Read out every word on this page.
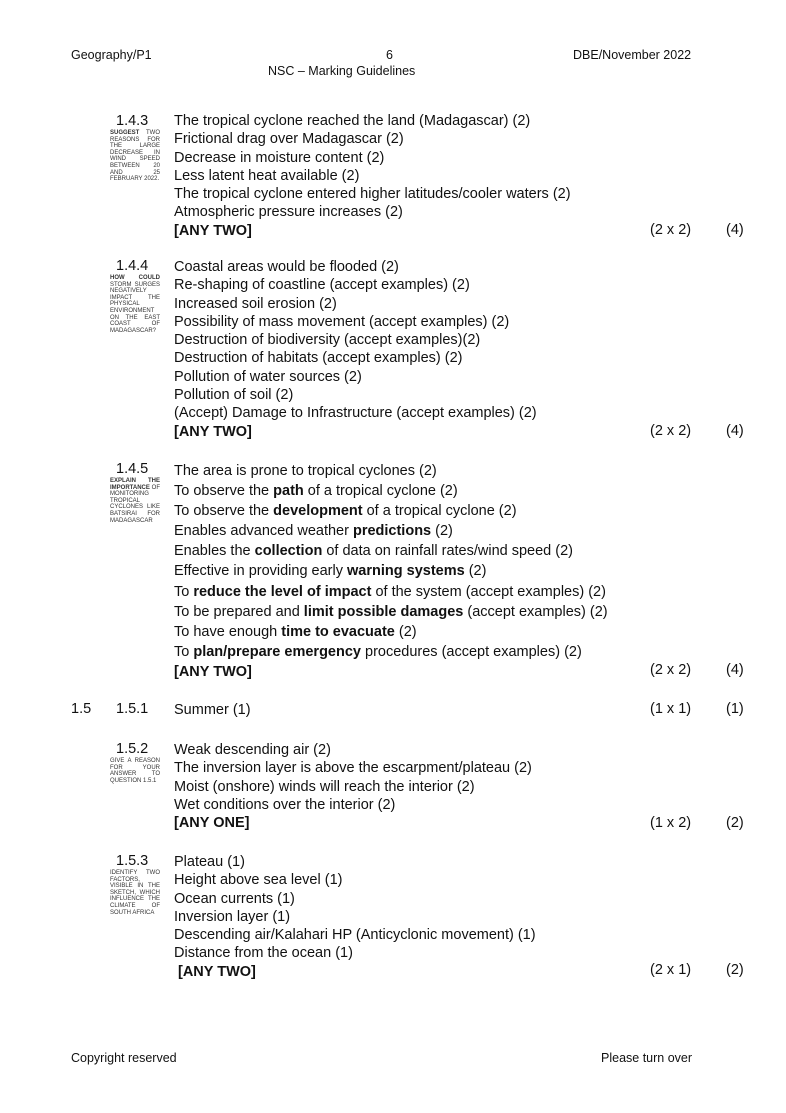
Geography/P1	6
NSC – Marking Guidelines
DBE/November 2022
1.4.3
SUGGEST TWO REASONS FOR THE LARGE DECREASE IN WIND SPEED BETWEEN 20 AND 25 FEBRUARY 2022.
The tropical cyclone reached the land (Madagascar) (2)
Frictional drag over Madagascar (2)
Decrease in moisture content (2)
Less latent heat available (2)
The tropical cyclone entered higher latitudes/cooler waters (2)
Atmospheric pressure increases (2)
[ANY TWO]	(2 x 2) (4)
1.4.4
HOW COULD STORM SURGES NEGATIVELY IMPACT THE PHYSICAL ENVIRONMENT ON THE EAST COAST OF MADAGASCAR?
Coastal areas would be flooded (2)
Re-shaping of coastline (accept examples) (2)
Increased soil erosion (2)
Possibility of mass movement (accept examples) (2)
Destruction of biodiversity (accept examples)(2)
Destruction of habitats (accept examples) (2)
Pollution of water sources (2)
Pollution of soil (2)
(Accept) Damage to Infrastructure (accept examples) (2)
[ANY TWO]	(2 x 2) (4)
1.4.5
EXPLAIN THE IMPORTANCE OF MONITORING TROPICAL CYCLONES LIKE BATSIRAI FOR MADAGASCAR
The area is prone to tropical cyclones (2)
To observe the path of a tropical cyclone (2)
To observe the development of a tropical cyclone (2)
Enables advanced weather predictions (2)
Enables the collection of data on rainfall rates/wind speed (2)
Effective in providing early warning systems (2)
To reduce the level of impact of the system (accept examples) (2)
To be prepared and limit possible damages (accept examples) (2)
To have enough time to evacuate (2)
To plan/prepare emergency procedures (accept examples) (2)
[ANY TWO]	(2 x 2) (4)
1.5 1.5.1 Summer (1)	(1 x 1) (1)
1.5.2
GIVE A REASON FOR YOUR ANSWER TO QUESTION 1.5.1
Weak descending air (2)
The inversion layer is above the escarpment/plateau (2)
Moist (onshore) winds will reach the interior (2)
Wet conditions over the interior (2)
[ANY ONE]	(1 x 2) (2)
1.5.3
IDENTIFY TWO FACTORS, VISIBLE IN THE SKETCH, WHICH INFLUENCE THE CLIMATE OF SOUTH AFRICA
Plateau (1)
Height above sea level (1)
Ocean currents (1)
Inversion layer (1)
Descending air/Kalahari HP (Anticyclonic movement) (1)
Distance from the ocean (1)
[ANY TWO]	(2 x 1) (2)
Copyright reserved	Please turn over
